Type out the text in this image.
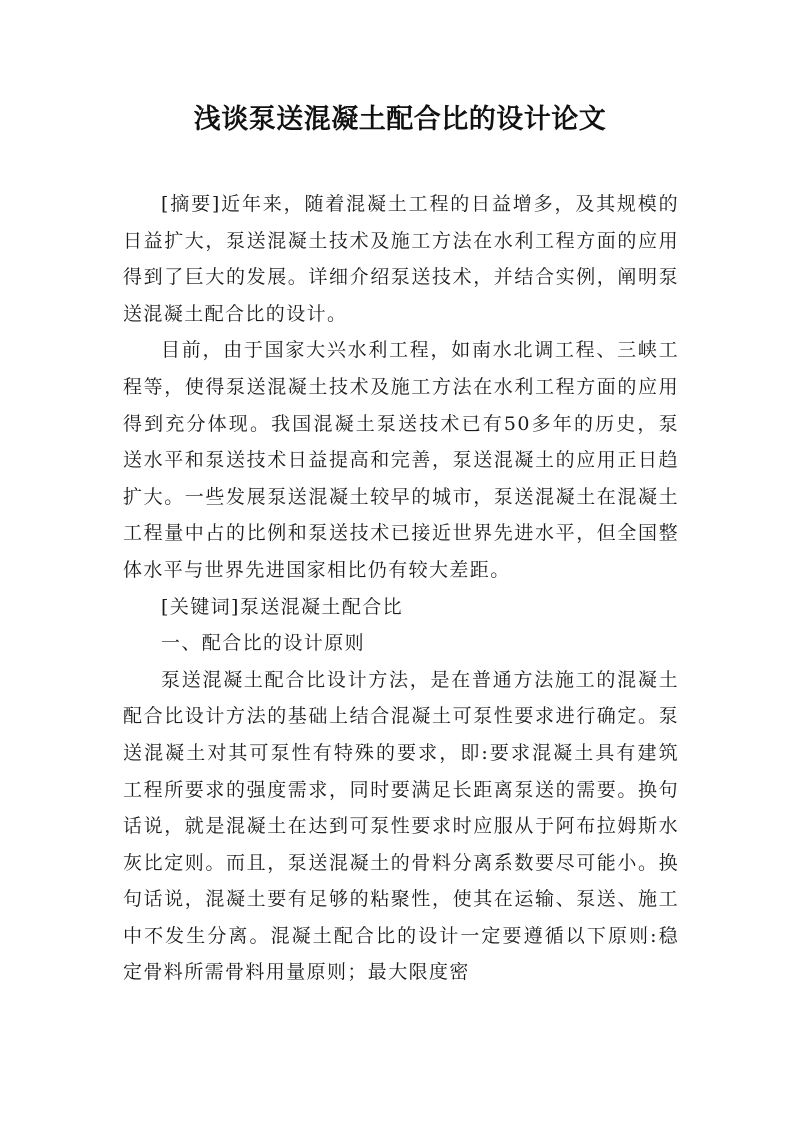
浅谈泵送混凝土配合比的设计论文

[摘要]近年来，随着混凝土工程的日益增多，及其规模的日益扩大，泵送混凝土技术及施工方法在水利工程方面的应用得到了巨大的发展。详细介绍泵送技术，并结合实例，阐明泵送混凝土配合比的设计。

目前，由于国家大兴水利工程，如南水北调工程、三峡工程等，使得泵送混凝土技术及施工方法在水利工程方面的应用得到充分体现。我国混凝土泵送技术已有50多年的历史，泵送水平和泵送技术日益提高和完善，泵送混凝土的应用正日趋扩大。一些发展泵送混凝土较早的城市，泵送混凝土在混凝土工程量中占的比例和泵送技术已接近世界先进水平，但全国整体水平与世界先进国家相比仍有较大差距。

[关键词]泵送混凝土配合比

一、配合比的设计原则

泵送混凝土配合比设计方法，是在普通方法施工的混凝土配合比设计方法的基础上结合混凝土可泵性要求进行确定。泵送混凝土对其可泵性有特殊的要求，即:要求混凝土具有建筑工程所要求的强度需求，同时要满足长距离泵送的需要。换句话说，就是混凝土在达到可泵性要求时应服从于阿布拉姆斯水灰比定则。而且，泵送混凝土的骨料分离系数要尽可能小。换句话说，混凝土要有足够的粘聚性，使其在运输、泵送、施工中不发生分离。混凝土配合比的设计一定要遵循以下原则:稳定骨料所需骨料用量原则；最大限度密
